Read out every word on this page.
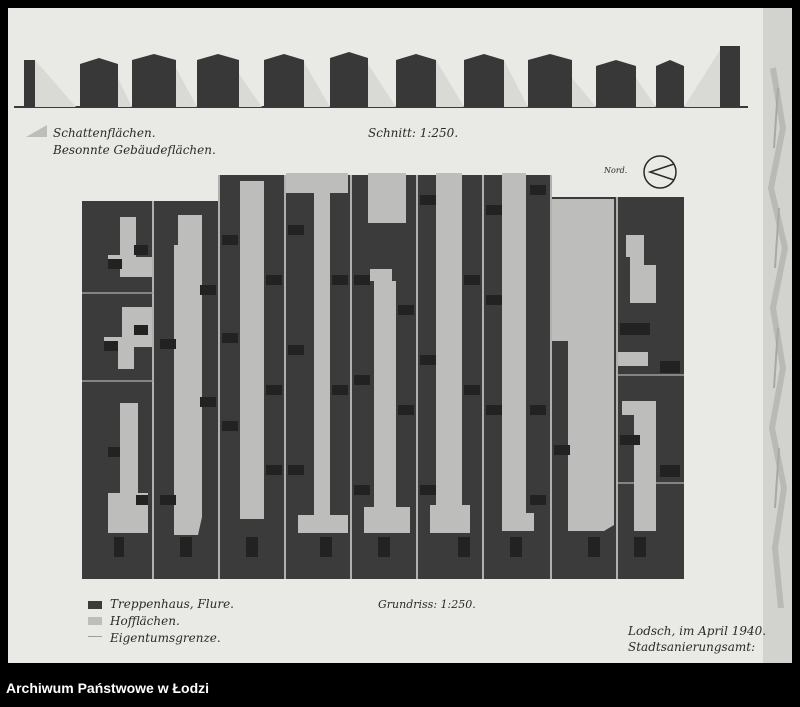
Schattenflächen.
Besonnte Gebäudeflächen.
Schnitt: 1:250.
Nord.
Grundriss: 1:250.
Treppenhaus, Flure.
Hofflächen.
Eigentumsgrenze.	Lodsch, im April 1940.
Stadtsanierungsamt:
Archiwum Państwowe w Łodzi
